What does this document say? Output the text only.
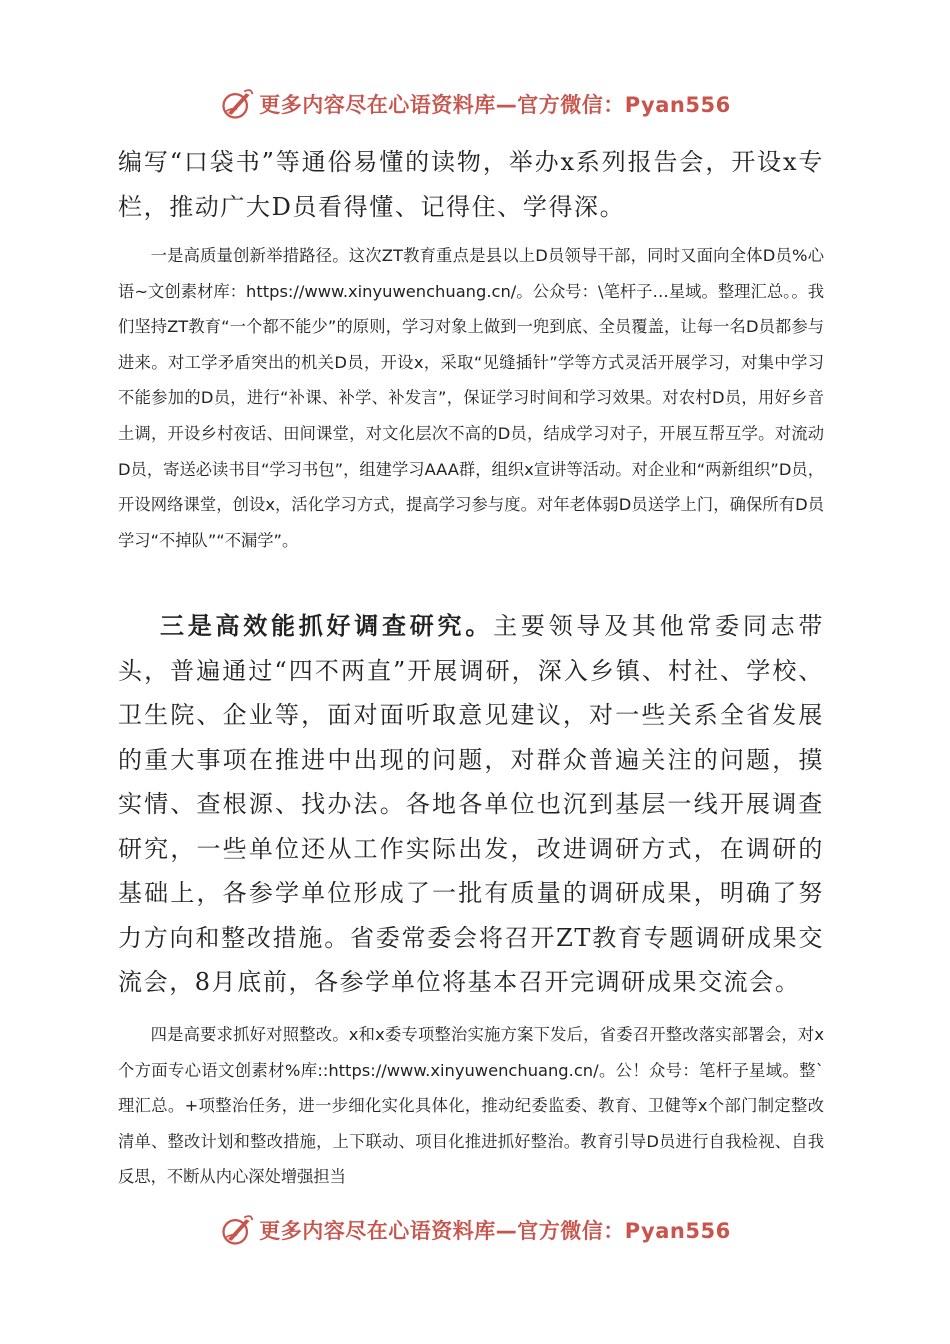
更多内容尽在心语资料库—官方微信：Pyan556

编写“口袋书”等通俗易懂的读物，举办x系列报告会，开设x专栏，推动广大D员看得懂、记得住、学得深。

一是高质量创新举措路径。这次ZT教育重点是县以上D员领导干部，同时又面向全体D员%心语~文创素材库：https://www.xinyuwenchuang.cn/。公众号：\笔杆子…星域。整理汇总。。我们坚持ZT教育“一个都不能少”的原则，学习对象上做到一兜到底、全员覆盖，让每一名D员都参与进来。对工学矛盾突出的机关D员，开设x，采取“见缝插针”学等方式灵活开展学习，对集中学习不能参加的D员，进行“补课、补学、补发言”，保证学习时间和学习效果。对农村D员，用好乡音土调，开设乡村夜话、田间课堂，对文化层次不高的D员，结成学习对子，开展互帮互学。对流动D员，寄送必读书目“学习书包”，组建学习AAA群，组织x宣讲等活动。对企业和“两新组织”D员，开设网络课堂，创设x，活化学习方式，提高学习参与度。对年老体弱D员送学上门，确保所有D员学习“不掉队”“不漏学”。

三是高效能抓好调查研究。主要领导及其他常委同志带头，普遍通过“四不两直”开展调研，深入乡镇、村社、学校、卫生院、企业等，面对面听取意见建议，对一些关系全省发展的重大事项在推进中出现的问题，对群众普遍关注的问题，摸实情、查根源、找办法。各地各单位也沉到基层一线开展调查研究，一些单位还从工作实际出发，改进调研方式，在调研的基础上，各参学单位形成了一批有质量的调研成果，明确了努力方向和整改措施。省委常委会将召开ZT教育专题调研成果交流会，8月底前，各参学单位将基本召开完调研成果交流会。

四是高要求抓好对照整改。x和x委专项整治实施方案下发后，省委召开整改落实部署会，对x个方面专心语文创素材%库::https://www.xinyuwenchuang.cn/。公！众号：笔杆子星域。整`理汇总。+项整治任务，进一步细化实化具体化，推动纪委监委、教育、卫健等x个部门制定整改清单、整改计划和整改措施，上下联动、项目化推进抓好整治。教育引导D员进行自我检视、自我反思，不断从内心深处增强担当

更多内容尽在心语资料库—官方微信：Pyan556
